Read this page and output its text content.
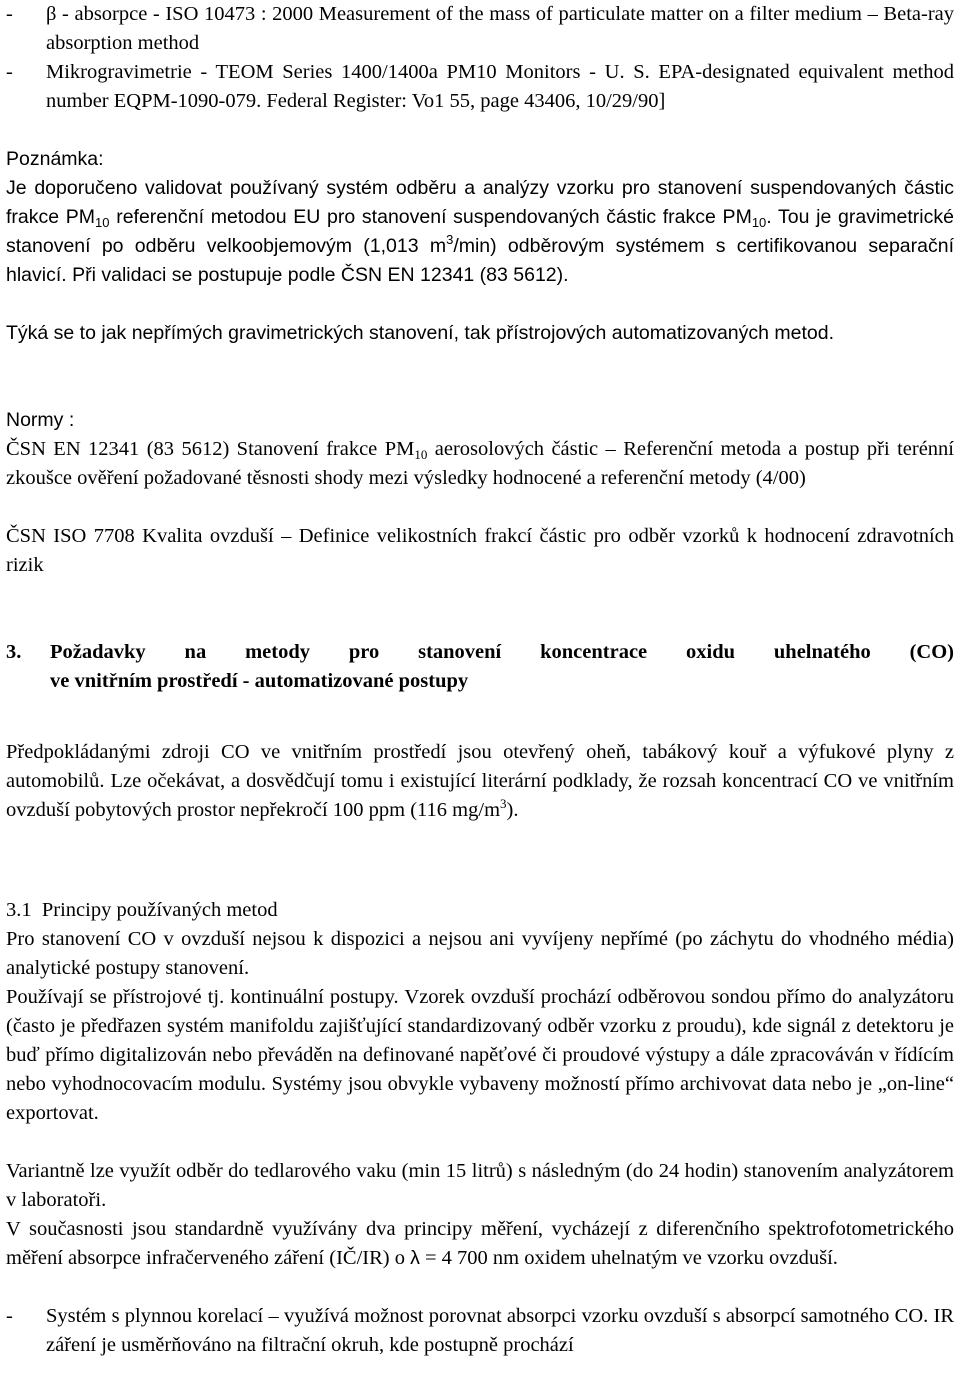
- β - absorpce - ISO 10473 : 2000 Measurement of the mass of particulate matter on a filter medium – Beta-ray absorption method
- Mikrogravimetrie - TEOM Series 1400/1400a PM10 Monitors - U. S. EPA-designated equivalent method number EQPM-1090-079. Federal Register: Vo1 55, page 43406, 10/29/90]

Poznámka:

Je doporučeno validovat používaný systém odběru a analýzy vzorku pro stanovení suspendovaných částic frakce $PM_{10}$ referenční metodou EU pro stanovení suspendovaných částic frakce $PM_{10}$. Tou je gravimetrické stanovení po odběru velkoobjemovým (1,013 $m^3/\min$) odběrovým systémem s certifikovanou separační hlavicí. Při validaci se postupuje podle ČSN EN 12341 (83 5612).

Týká se to jak nepřímých gravimetrických stanovení, tak přístrojových automatizovaných metod.

Normy :

ČSN EN 12341 (83 5612) Stanovení frakce $PM_{10}$ aerosolových částic – Referenční metoda a postup při terénní zkoušce ověření požadované těsnosti shody mezi výsledky hodnocené a referenční metody (4/00)

ČSN ISO 7708 Kvalita ovzduší – Definice velikostních frakcí částic pro odběr vzorků k hodnocení zdravotních rizik

3. Požadavky na metody pro stanovení koncentrace oxidu uhelnatého (CO)
ve vnitřním prostředí - automatizované postupy

Předpokládanými zdroji CO ve vnitřním prostředí jsou otevřený oheň, tabákový kouř a výfukové plyny z automobilů. Lze očekávat, a dosvědčují tomu i existující literární podklady, že rozsah koncentrací CO ve vnitřním ovzduší pobytových prostor nepřekročí 100 ppm (116 $mg/m^3$).

3.1 Principy používaných metod

Pro stanovení CO v ovzduší nejsou k dispozici a nejsou ani vyvíjeny nepřímé (po záchytu do vhodného média) analytické postupy stanovení.

Používají se přístrojové tj. kontinuální postupy. Vzorek ovzduší prochází odběrovou sondou přímo do analyzátoru (často je předřazen systém manifoldu zajišťující standardizovaný odběr vzorku z proudu), kde signál z detektoru je buď přímo digitalizován nebo převáděn na definované napěťové či proudové výstupy a dále zpracováván v řídícím nebo vyhodnocovacím modulu. Systémy jsou obvykle vybaveny možností přímo archivovat data nebo je „on-line“ exportovat.

Variantně lze využít odběr do tedlarového vaku (min 15 litrů) s následným (do 24 hodin) stanovením analyzátorem v laboratoři.

V současnosti jsou standardně využívány dva principy měření, vycházejí z diferenčního spektrofotometrického měření absorpce infračerveného záření (IČ/IR) o λ = 4 700 nm oxidem uhelnatým ve vzorku ovzduší.

- Systém s plynnou korelací – využívá možnost porovnat absorpci vzorku ovzduší s absorpcí samotného CO. IR záření je usměrňováno na filtrační okruh, kde postupně prochází
